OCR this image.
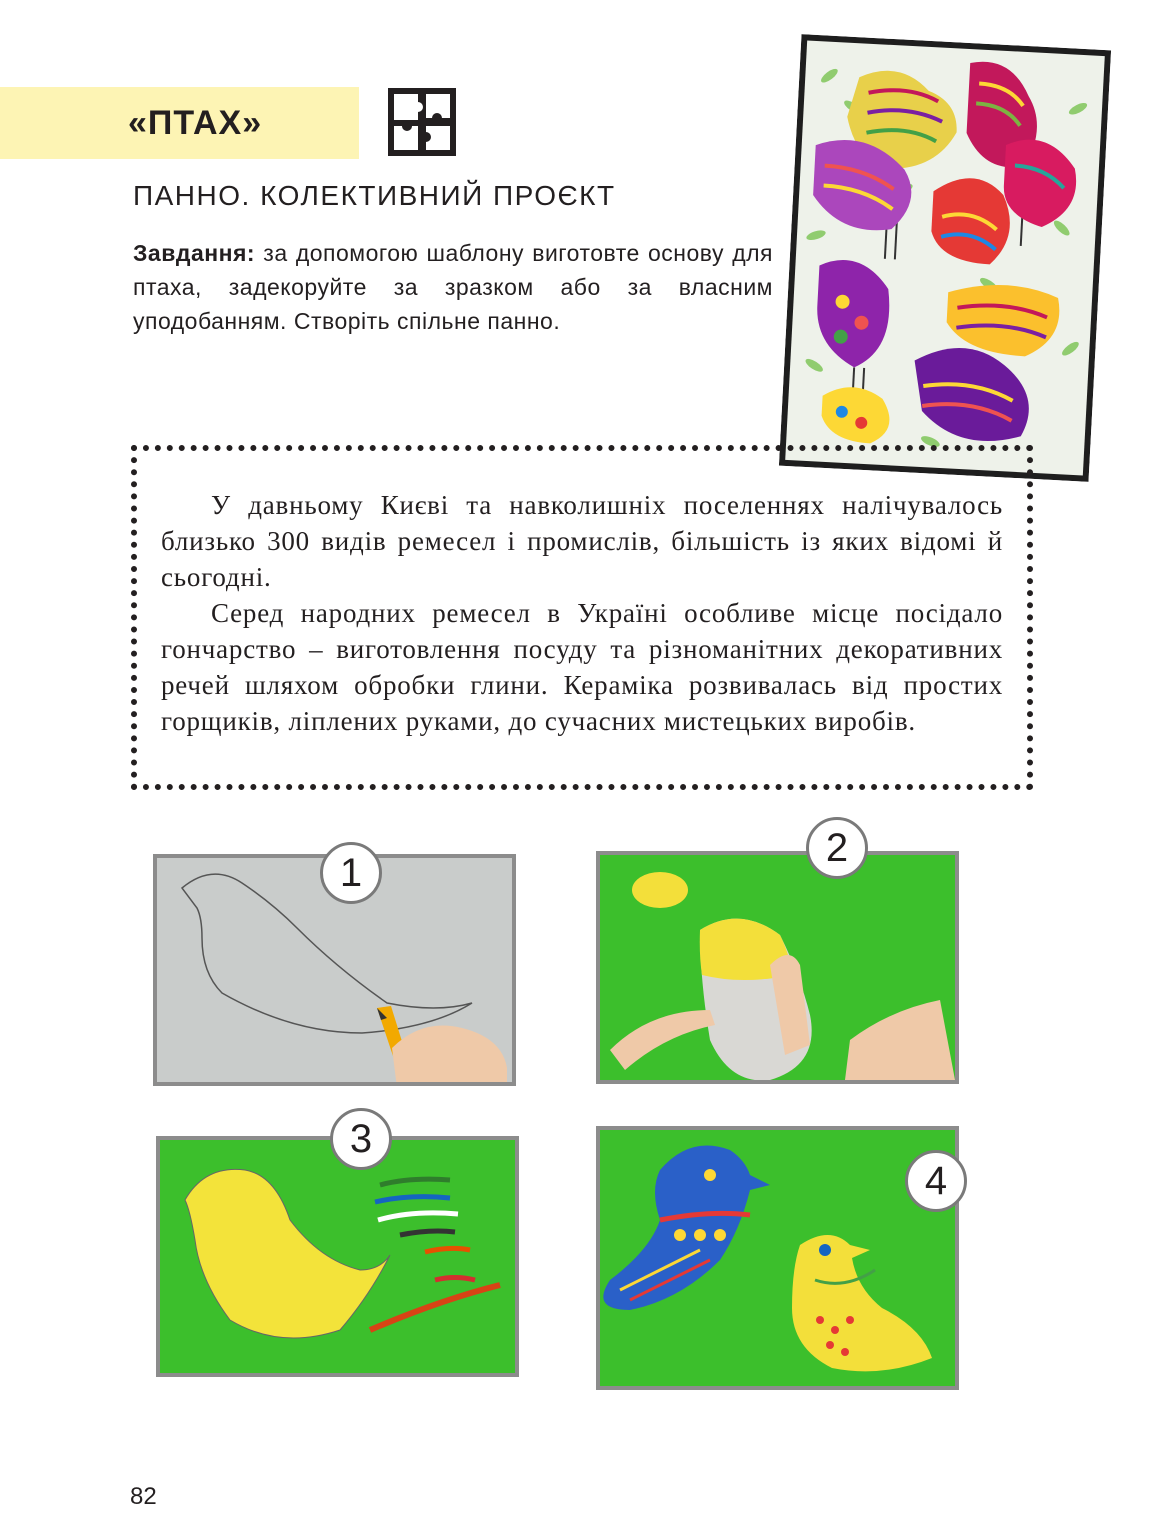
«ПТАХ»
ПАННО. КОЛЕКТИВНИЙ ПРОЄКТ
Завдання: за допомогою шаблону виготовте основу для птаха, задекоруйте за зразком або за власним уподобанням. Створіть спільне панно.

У давньому Києві та навколишніх поселеннях налічувалось близько 300 видів ремесел і промислів, більшість із яких відомі й сьогодні.

Серед народних ремесел в Україні особливе місце посідало гончарство – виготовлення посуду та різноманітних декоративних речей шляхом обробки глини. Кераміка розвивалась від простих горщиків, ліплених руками, до сучасних мистецьких виробів.

1
2
3
4
82
